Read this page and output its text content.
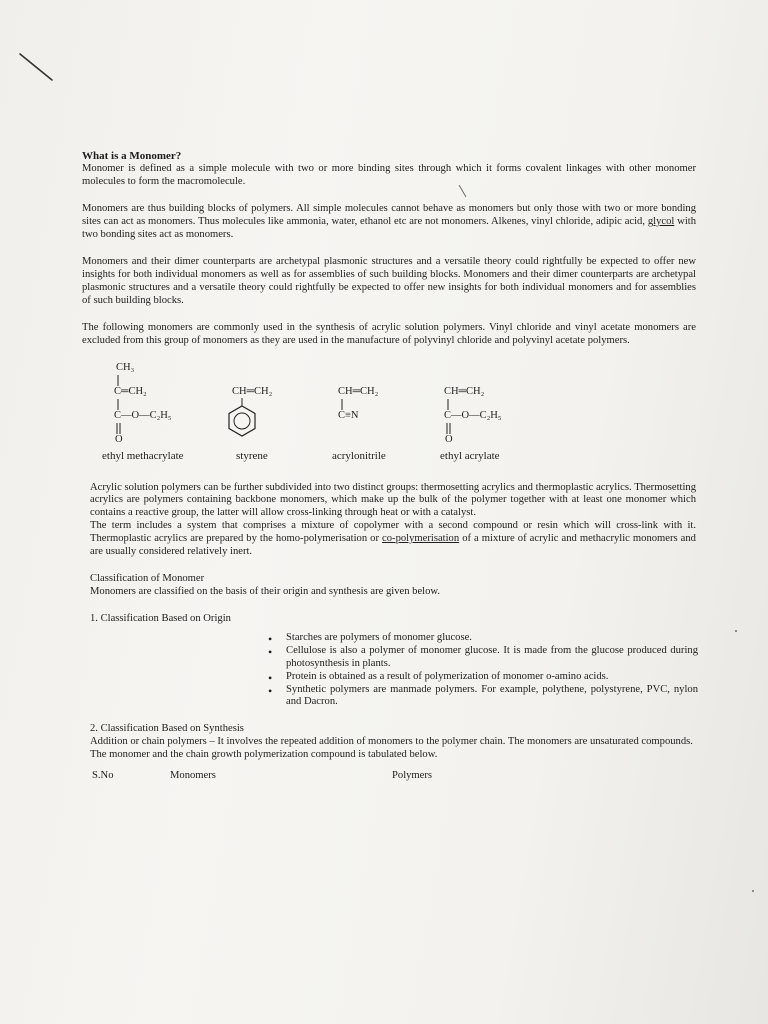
What is a Monomer?

Monomer is defined as a simple molecule with two or more binding sites through which it forms covalent linkages with other monomer molecules to form the macromolecule.

Monomers are thus building blocks of polymers. All simple molecules cannot behave as monomers but only those with two or more bonding sites can act as monomers. Thus molecules like ammonia, water, ethanol etc are not monomers. Alkenes, vinyl chloride, adipic acid, glycol with two bonding sites act as monomers.

Monomers and their dimer counterparts are archetypal plasmonic structures and a versatile theory could rightfully be expected to offer new insights for both individual monomers as well as for assemblies of such building blocks. Monomers and their dimer counterparts are archetypal plasmonic structures and a versatile theory could rightfully be expected to offer new insights for both individual monomers and for assemblies of such building blocks.

The following monomers are commonly used in the synthesis of acrylic solution polymers. Vinyl chloride and vinyl acetate monomers are excluded from this group of monomers as they are used in the manufacture of polyvinyl chloride and polyvinyl acetate polymers.

CH₃
C═CH₂
C—O—C₂H₅
O
CH═CH₂	CH═CH₂
C≡N
CH═CH₂
C—O—C₂H₅
O
ethyl methacrylate	styrene	acrylonitrile	ethyl acrylate

Acrylic solution polymers can be further subdivided into two distinct groups: thermosetting acrylics and thermoplastic acrylics. Thermosetting acrylics are polymers containing backbone monomers, which make up the bulk of the polymer together with at least one monomer which contains a reactive group, the latter will allow cross-linking through heat or with a catalyst.

The term includes a system that comprises a mixture of copolymer with a second compound or resin which will cross-link with it. Thermoplastic acrylics are prepared by the homo-polymerisation or co-polymerisation of a mixture of acrylic and methacrylic monomers and are usually considered relatively inert.

Classification of Monomer

Monomers are classified on the basis of their origin and synthesis are given below.

1. Classification Based on Origin

• Starches are polymers of monomer glucose.
• Cellulose is also a polymer of monomer glucose. It is made from the glucose produced during photosynthesis in plants.
• Protein is obtained as a result of polymerization of monomer o-amino acids.
• Synthetic polymers are manmade polymers. For example, polythene, polystyrene, PVC, nylon and Dacron.

2. Classification Based on Synthesis

Addition or chain polymers – It involves the repeated addition of monomers to the polymer chain. The monomers are unsaturated compounds.

The monomer and the chain growth polymerization compound is tabulated below.

S.No	Monomers	Polymers
